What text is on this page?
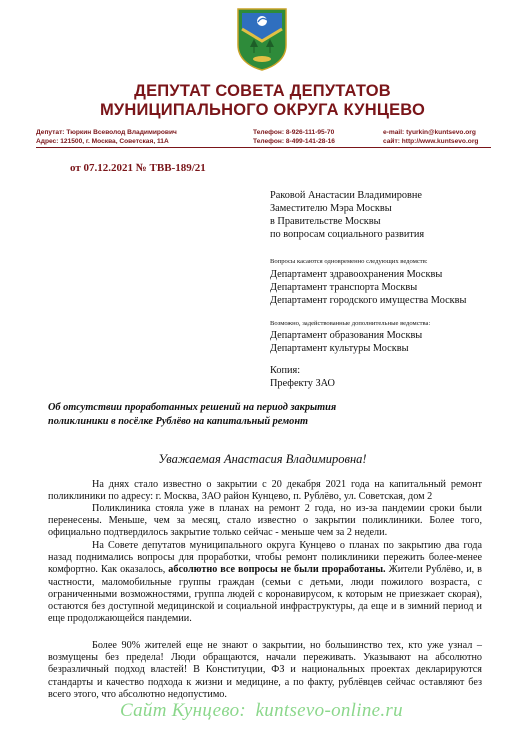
ДЕПУТАТ СОВЕТА ДЕПУТАТОВ
МУНИЦИПАЛЬНОГО ОКРУГА КУНЦЕВО
Депутат: Тюркин Всеволод Владимирович
Адрес: 121500, г. Москва, Советская, 11А
Телефон: 8-926-111-95-70
Телефон: 8-499-141-28-16
e-mail: tyurkin@kuntsevo.org
сайт: http://www.kuntsevo.org
от 07.12.2021 № ТВВ-189/21
Раковой Анастасии Владимировне
Заместителю Мэра Москвы
в Правительстве Москвы
по вопросам социального развития
Вопросы касаются одновременно следующих ведомств:
Департамент здравоохранения Москвы
Департамент транспорта Москвы
Департамент городского имущества Москвы
Возможно, задействованные дополнительные ведомства:
Департамент образования Москвы
Департамент культуры Москвы
Копия:
Префекту ЗАО
Об отсутствии проработанных решений на период закрытия
поликлиники в посёлке Рублёво на капитальный ремонт
Уважаемая Анастасия Владимировна!

На днях стало известно о закрытии с 20 декабря 2021 года на капитальный ремонт поликлиники по адресу: г. Москва, ЗАО район Кунцево, п. Рублёво, ул. Советская, дом 2

Поликлиника стояла уже в планах на ремонт 2 года, но из-за пандемии сроки были перенесены. Меньше, чем за месяц, стало известно о закрытии поликлиники. Более того, официально подтвердилось закрытие только сейчас - меньше чем за 2 недели.

На Совете депутатов муниципального округа Кунцево о планах по закрытию два года назад поднимались вопросы для проработки, чтобы ремонт поликлиники пережить более-менее комфортно. Как оказалось, абсолютно все вопросы не были проработаны. Жители Рублёво, и, в частности, маломобильные группы граждан (семьи с детьми, люди пожилого возраста, с ограниченными возможностями, группа людей с коронавирусом, к которым не приезжает скорая), остаются без доступной медицинской и социальной инфраструктуры, да еще и в зимний период и еще продолжающейся пандемии.

Более 90% жителей еще не знают о закрытии, но большинство тех, кто уже узнал – возмущены без предела! Люди обращаются, начали переживать. Указывают на абсолютно безразличный подход властей! В Конституции, ФЗ и национальных проектах декларируются стандарты и качество подхода к жизни и медицине, а по факту, рублёвцев сейчас оставляют без всего этого, что абсолютно недопустимо.

Сайт Кунцево: kuntsevo-online.ru
